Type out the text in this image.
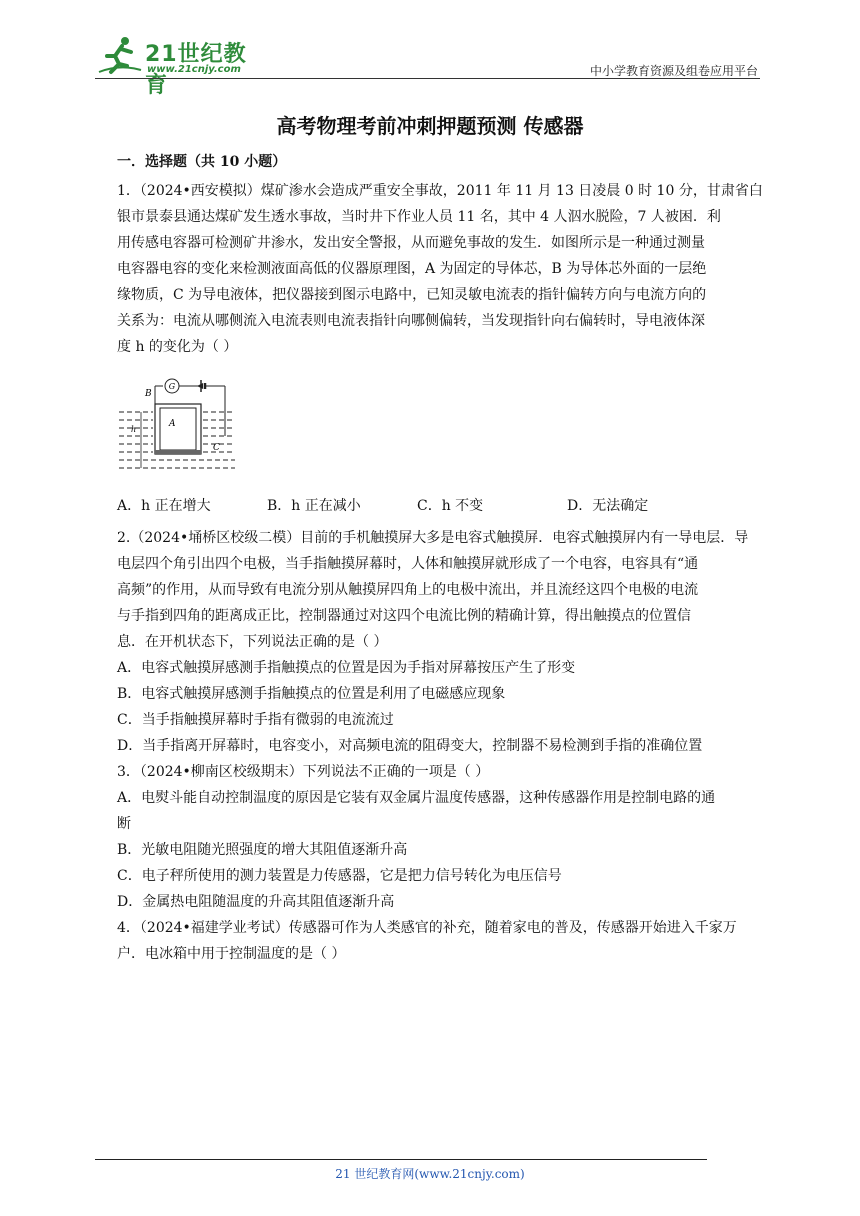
21世纪教育
www.21cnjy.com	中小学教育资源及组卷应用平台
高考物理考前冲刺押题预测 传感器
一．选择题（共 10 小题）
1．（2024•西安模拟）煤矿渗水会造成严重安全事故，2011 年 11 月 13 日凌晨 0 时 10 分，甘肃省白
银市景泰县通达煤矿发生透水事故，当时井下作业人员 11 名，其中 4 人泅水脱险，7 人被困．利
用传感电容器可检测矿井渗水，发出安全警报，从而避免事故的发生．如图所示是一种通过测量
电容器电容的变化来检测液面高低的仪器原理图，A 为固定的导体芯，B 为导体芯外面的一层绝
缘物质，C 为导电液体，把仪器接到图示电路中，已知灵敏电流表的指针偏转方向与电流方向的
关系为：电流从哪侧流入电流表则电流表指针向哪侧偏转，当发现指针向右偏转时，导电液体深
度 h 的变化为（ ）
G
B
A
h
C
A．h 正在增大	B．h 正在减小	C．h 不变	D．无法确定
2.（2024•埇桥区校级二模）目前的手机触摸屏大多是电容式触摸屏．电容式触摸屏内有一导电层．导
电层四个角引出四个电极，当手指触摸屏幕时，人体和触摸屏就形成了一个电容，电容具有“通
高频”的作用，从而导致有电流分别从触摸屏四角上的电极中流出，并且流经这四个电极的电流
与手指到四角的距离成正比，控制器通过对这四个电流比例的精确计算，得出触摸点的位置信
息．在开机状态下，下列说法正确的是（ ）
A．电容式触摸屏感测手指触摸点的位置是因为手指对屏幕按压产生了形变
B．电容式触摸屏感测手指触摸点的位置是利用了电磁感应现象
C．当手指触摸屏幕时手指有微弱的电流流过
D．当手指离开屏幕时，电容变小，对高频电流的阻碍变大，控制器不易检测到手指的准确位置
3．（2024•柳南区校级期末）下列说法不正确的一项是（ ）
A．电熨斗能自动控制温度的原因是它装有双金属片温度传感器，这种传感器作用是控制电路的通
断
B．光敏电阻随光照强度的增大其阻值逐渐升高
C．电子秤所使用的测力装置是力传感器，它是把力信号转化为电压信号
D．金属热电阻随温度的升高其阻值逐渐升高
4．（2024•福建学业考试）传感器可作为人类感官的补充，随着家电的普及，传感器开始进入千家万
户．电冰箱中用于控制温度的是（ ）
21 世纪教育网(www.21cnjy.com)
